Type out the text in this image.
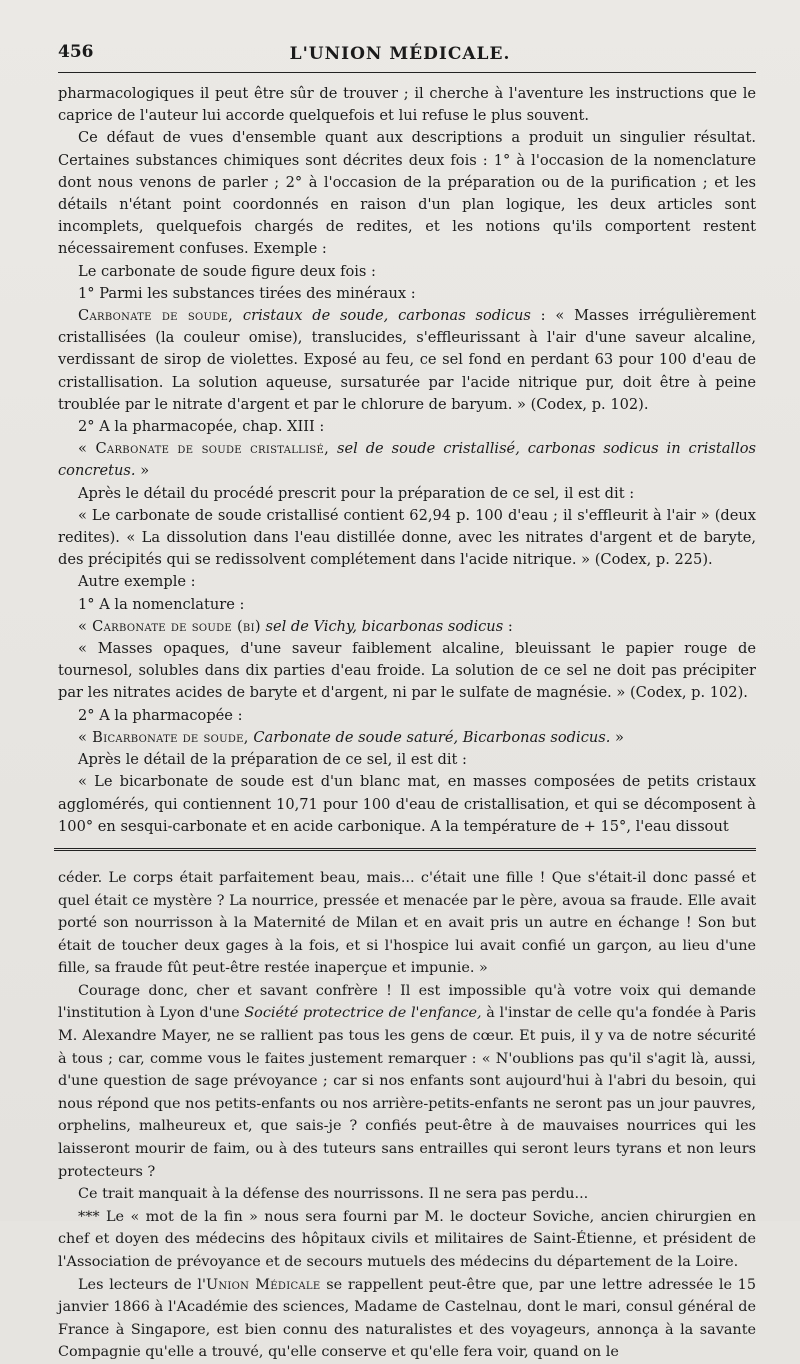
456	L'UNION MÉDICALE.

pharmacologiques il peut être sûr de trouver ; il cherche à l'aventure les instructions que le caprice de l'auteur lui accorde quelquefois et lui refuse le plus souvent.

Ce défaut de vues d'ensemble quant aux descriptions a produit un singulier résultat. Certaines substances chimiques sont décrites deux fois : 1° à l'occasion de la nomenclature dont nous venons de parler ; 2° à l'occasion de la préparation ou de la purification ; et les détails n'étant point coordonnés en raison d'un plan logique, les deux articles sont incomplets, quelquefois chargés de redites, et les notions qu'ils comportent restent nécessairement confuses. Exemple :

Le carbonate de soude figure deux fois :

1° Parmi les substances tirées des minéraux :

Carbonate de soude, cristaux de soude, carbonas sodicus : « Masses irrégulièrement cristallisées (la couleur omise), translucides, s'effleurissant à l'air d'une saveur alcaline, verdissant de sirop de violettes. Exposé au feu, ce sel fond en perdant 63 pour 100 d'eau de cristallisation. La solution aqueuse, sursaturée par l'acide nitrique pur, doit être à peine troublée par le nitrate d'argent et par le chlorure de baryum. » (Codex, p. 102).

2° A la pharmacopée, chap. XIII :

« Carbonate de soude cristallisé, sel de soude cristallisé, carbonas sodicus in cristallos concretus. »

Après le détail du procédé prescrit pour la préparation de ce sel, il est dit :

« Le carbonate de soude cristallisé contient 62,94 p. 100 d'eau ; il s'effleurit à l'air » (deux redites). « La dissolution dans l'eau distillée donne, avec les nitrates d'argent et de baryte, des précipités qui se redissolvent complétement dans l'acide nitrique. » (Codex, p. 225).

Autre exemple :

1° A la nomenclature :

« Carbonate de soude (bi) sel de Vichy, bicarbonas sodicus :

« Masses opaques, d'une saveur faiblement alcaline, bleuissant le papier rouge de tournesol, solubles dans dix parties d'eau froide. La solution de ce sel ne doit pas précipiter par les nitrates acides de baryte et d'argent, ni par le sulfate de magnésie. » (Codex, p. 102).

2° A la pharmacopée :

« Bicarbonate de soude, Carbonate de soude saturé, Bicarbonas sodicus. »

Après le détail de la préparation de ce sel, il est dit :

« Le bicarbonate de soude est d'un blanc mat, en masses composées de petits cristaux agglomérés, qui contiennent 10,71 pour 100 d'eau de cristallisation, et qui se décomposent à 100° en sesqui-carbonate et en acide carbonique. A la température de + 15°, l'eau dissout

céder. Le corps était parfaitement beau, mais... c'était une fille ! Que s'était-il donc passé et quel était ce mystère ? La nourrice, pressée et menacée par le père, avoua sa fraude. Elle avait porté son nourrisson à la Maternité de Milan et en avait pris un autre en échange ! Son but était de toucher deux gages à la fois, et si l'hospice lui avait confié un garçon, au lieu d'une fille, sa fraude fût peut-être restée inaperçue et impunie. »

Courage donc, cher et savant confrère ! Il est impossible qu'à votre voix qui demande l'institution à Lyon d'une Société protectrice de l'enfance, à l'instar de celle qu'a fondée à Paris M. Alexandre Mayer, ne se rallient pas tous les gens de cœur. Et puis, il y va de notre sécurité à tous ; car, comme vous le faites justement remarquer : « N'oublions pas qu'il s'agit là, aussi, d'une question de sage prévoyance ; car si nos enfants sont aujourd'hui à l'abri du besoin, qui nous répond que nos petits-enfants ou nos arrière-petits-enfants ne seront pas un jour pauvres, orphelins, malheureux et, que sais-je ? confiés peut-être à de mauvaises nourrices qui les laisseront mourir de faim, ou à des tuteurs sans entrailles qui seront leurs tyrans et non leurs protecteurs ?

Ce trait manquait à la défense des nourrissons. Il ne sera pas perdu...

*** Le « mot de la fin » nous sera fourni par M. le docteur Soviche, ancien chirurgien en chef et doyen des médecins des hôpitaux civils et militaires de Saint-Étienne, et président de l'Association de prévoyance et de secours mutuels des médecins du département de la Loire.

Les lecteurs de l'Union Médicale se rappellent peut-être que, par une lettre adressée le 15 janvier 1866 à l'Académie des sciences, Madame de Castelnau, dont le mari, consul général de France à Singapore, est bien connu des naturalistes et des voyageurs, annonça à la savante Compagnie qu'elle a trouvé, qu'elle conserve et qu'elle fera voir, quand on le
